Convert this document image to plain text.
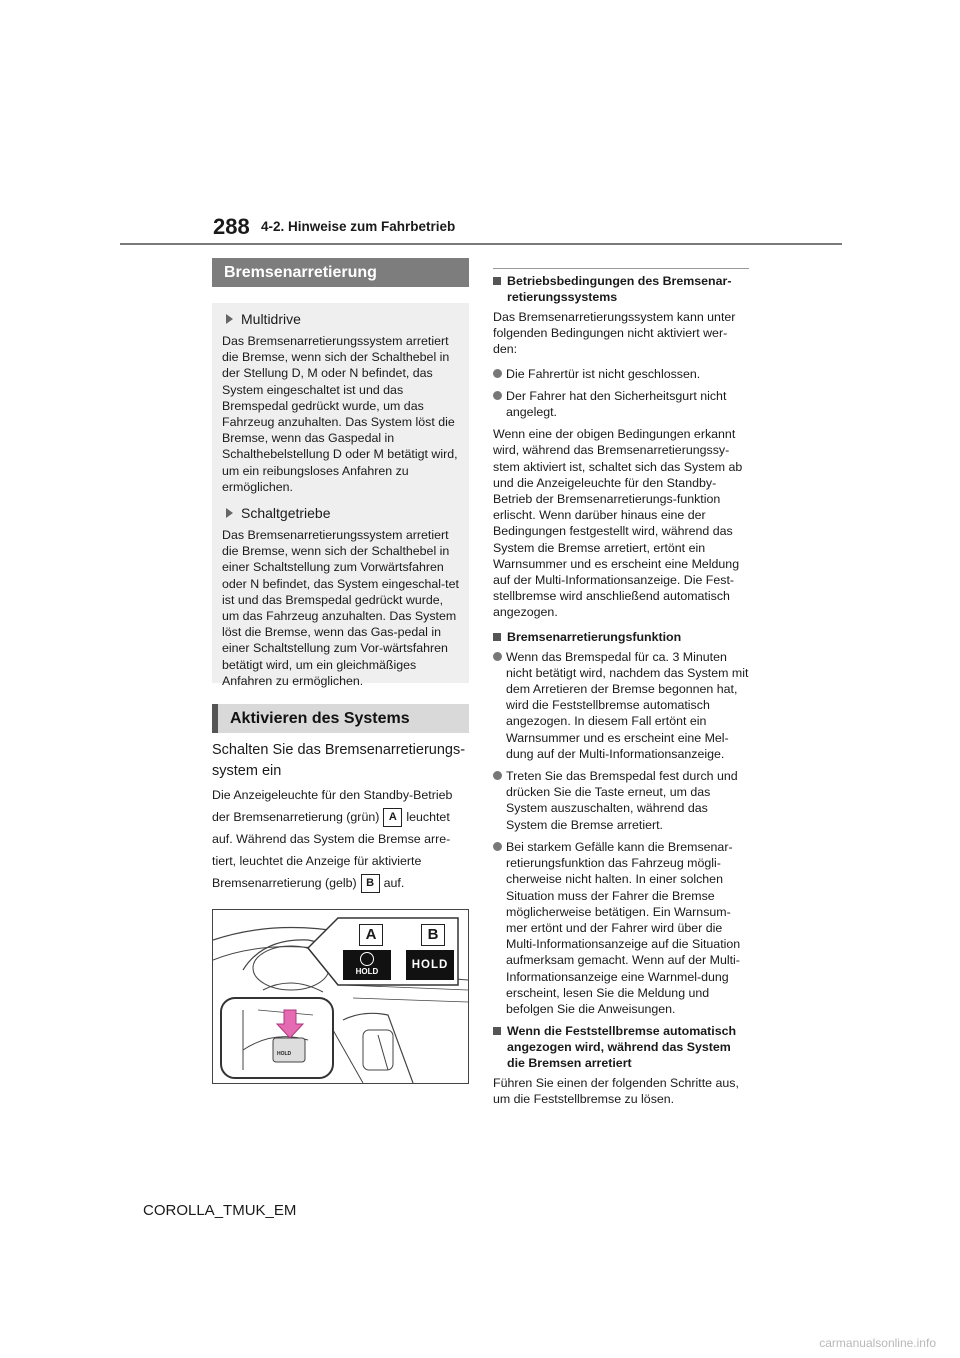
288 4-2. Hinweise zum Fahrbetrieb
Bremsenarretierung
Multidrive

Das Bremsenarretierungssystem arretiert die Bremse, wenn sich der Schalthebel in der Stellung D, M oder N befindet, das System eingeschaltet ist und das Bremspedal gedrückt wurde, um das Fahrzeug anzuhalten. Das System löst die Bremse, wenn das Gaspedal in Schalthebelstellung D oder M betätigt wird, um ein reibungsloses Anfahren zu ermöglichen.

Schaltgetriebe

Das Bremsenarretierungssystem arretiert die Bremse, wenn sich der Schalthebel in einer Schaltstellung zum Vorwärtsfahren oder N befindet, das System eingeschal-tet ist und das Bremspedal gedrückt wurde, um das Fahrzeug anzuhalten. Das System löst die Bremse, wenn das Gas-pedal in einer Schaltstellung zum Vor-wärtsfahren betätigt wird, um ein gleichmäßiges Anfahren zu ermöglichen.

Aktivieren des Systems
Schalten Sie das Bremsenarretierungs-system ein
Die Anzeigeleuchte für den Standby-Betrieb der Bremsenarretierung (grün) A leuchtet auf. Während das System die Bremse arre-tiert, leuchtet die Anzeige für aktivierte Bremsenarretierung (gelb) B auf.
A	B
HOLD
HOLD
HOLD
Betriebsbedingungen des Bremsenar-retierungssystems

Das Bremsenarretierungssystem kann unter folgenden Bedingungen nicht aktiviert wer-den:

Die Fahrertür ist nicht geschlossen.
Der Fahrer hat den Sicherheitsgurt nicht angelegt.

Wenn eine der obigen Bedingungen erkannt wird, während das Bremsenarretierungssy-stem aktiviert ist, schaltet sich das System ab und die Anzeigeleuchte für den Standby-Betrieb der Bremsenarretierungs-funktion erlischt. Wenn darüber hinaus eine der Bedingungen festgestellt wird, während das System die Bremse arretiert, ertönt ein Warnsummer und es erscheint eine Meldung auf der Multi-Informationsanzeige. Die Fest-stellbremse wird anschließend automatisch angezogen.

Bremsenarretierungsfunktion
Wenn das Bremspedal für ca. 3 Minuten nicht betätigt wird, nachdem das System mit dem Arretieren der Bremse begonnen hat, wird die Feststellbremse automatisch angezogen. In diesem Fall ertönt ein Warnsummer und es erscheint eine Mel-dung auf der Multi-Informationsanzeige.
Treten Sie das Bremspedal fest durch und drücken Sie die Taste erneut, um das System auszuschalten, während das System die Bremse arretiert.
Bei starkem Gefälle kann die Bremsenar-retierungsfunktion das Fahrzeug mögli-cherweise nicht halten. In einer solchen Situation muss der Fahrer die Bremse möglicherweise betätigen. Ein Warnsum-mer ertönt und der Fahrer wird über die Multi-Informationsanzeige auf die Situation aufmerksam gemacht. Wenn auf der Multi-Informationsanzeige eine Warnmel-dung erscheint, lesen Sie die Meldung und befolgen Sie die Anweisungen.
Wenn die Feststellbremse automatisch angezogen wird, während das System die Bremsen arretiert

Führen Sie einen der folgenden Schritte aus, um die Feststellbremse zu lösen.

COROLLA_TMUK_EM
carmanualsonline.info
